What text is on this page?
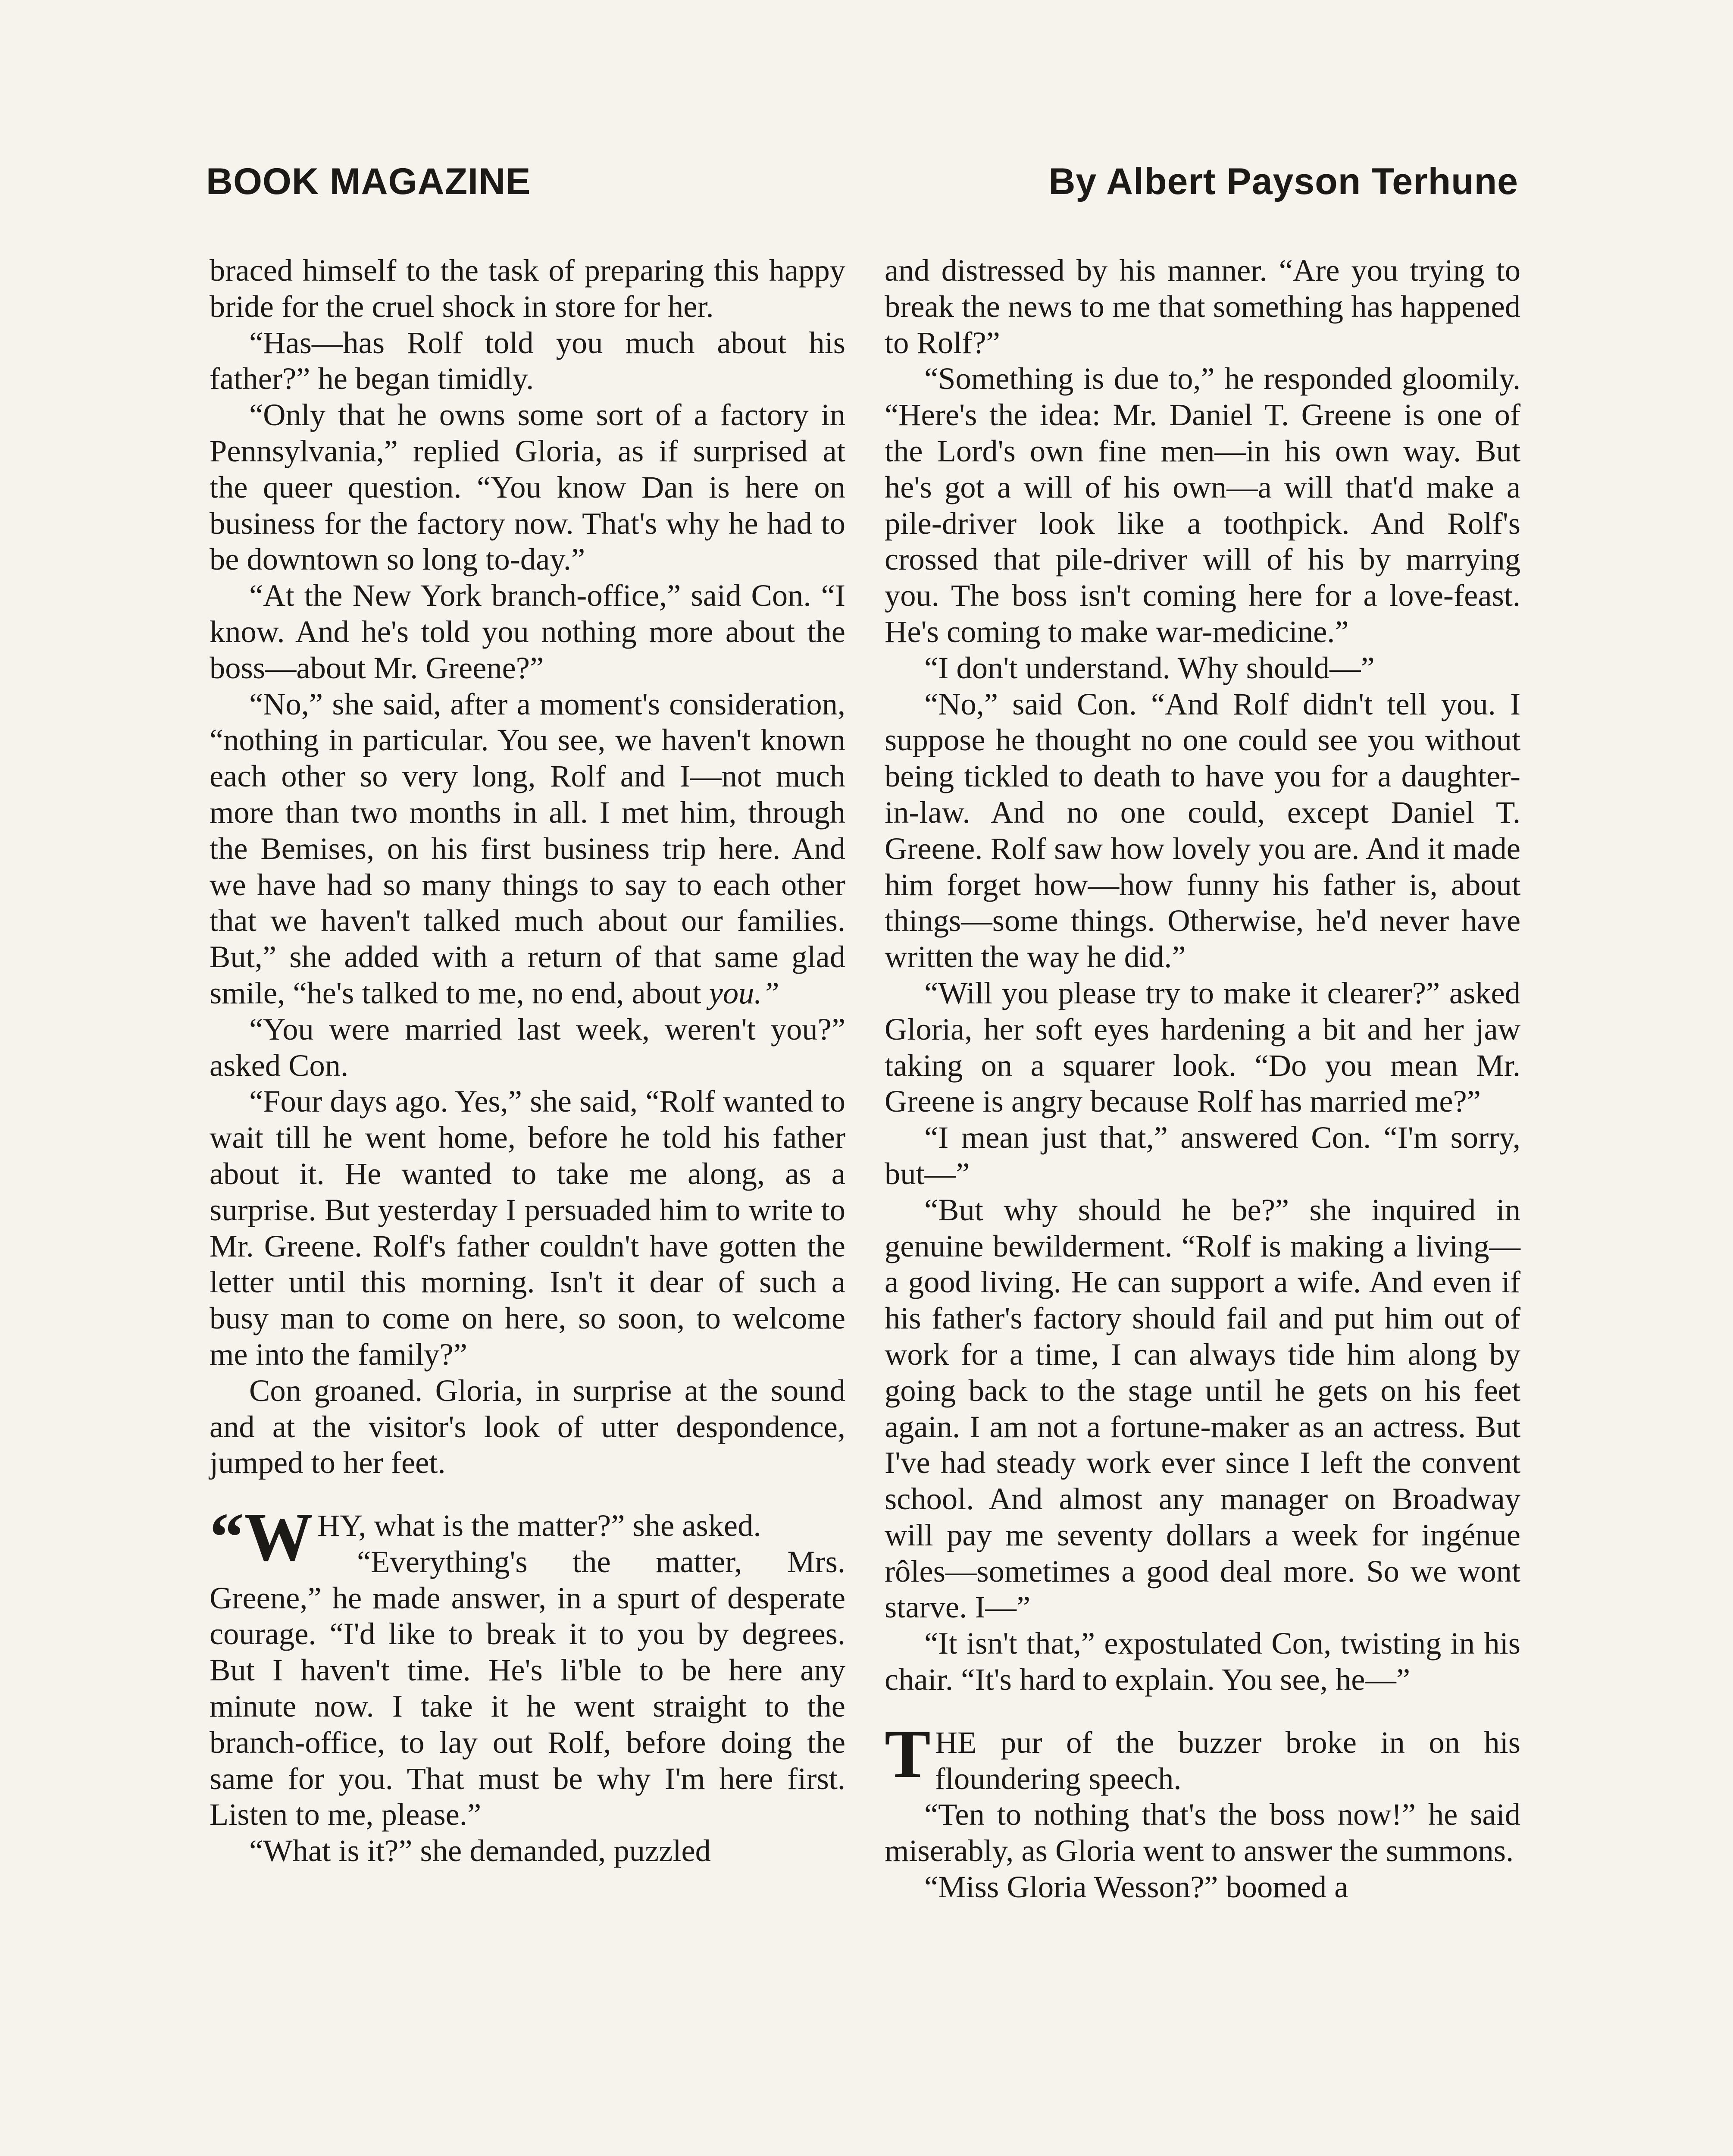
BOOK MAGAZINE	By Albert Payson Terhune

braced himself to the task of preparing this happy bride for the cruel shock in store for her.

“Has—has Rolf told you much about his father?” he began timidly.

“Only that he owns some sort of a factory in Pennsylvania,” replied Gloria, as if surprised at the queer question. “You know Dan is here on business for the factory now. That's why he had to be downtown so long to-day.”

“At the New York branch-office,” said Con. “I know. And he's told you nothing more about the boss—about Mr. Greene?”

“No,” she said, after a moment's consideration, “nothing in particular. You see, we haven't known each other so very long, Rolf and I—not much more than two months in all. I met him, through the Bemises, on his first business trip here. And we have had so many things to say to each other that we haven't talked much about our families. But,” she added with a return of that same glad smile, “he's talked to me, no end, about you.”

“You were married last week, weren't you?” asked Con.

“Four days ago. Yes,” she said, “Rolf wanted to wait till he went home, before he told his father about it. He wanted to take me along, as a surprise. But yesterday I persuaded him to write to Mr. Greene. Rolf's father couldn't have gotten the letter until this morning. Isn't it dear of such a busy man to come on here, so soon, to welcome me into the family?”

Con groaned. Gloria, in surprise at the sound and at the visitor's look of utter despondence, jumped to her feet.

“W HY, what is the matter?” she asked.

“Everything's the matter, Mrs. Greene,” he made answer, in a spurt of desperate courage. “I'd like to break it to you by degrees. But I haven't time. He's li'ble to be here any minute now. I take it he went straight to the branch-office, to lay out Rolf, before doing the same for you. That must be why I'm here first. Listen to me, please.”

“What is it?” she demanded, puzzled

and distressed by his manner. “Are you trying to break the news to me that something has happened to Rolf?”

“Something is due to,” he responded gloomily. “Here's the idea: Mr. Daniel T. Greene is one of the Lord's own fine men—in his own way. But he's got a will of his own—a will that'd make a pile-driver look like a toothpick. And Rolf's crossed that pile-driver will of his by marrying you. The boss isn't coming here for a love-feast. He's coming to make war-medicine.”

“I don't understand. Why should—”

“No,” said Con. “And Rolf didn't tell you. I suppose he thought no one could see you without being tickled to death to have you for a daughter-in-law. And no one could, except Daniel T. Greene. Rolf saw how lovely you are. And it made him forget how—how funny his father is, about things—some things. Otherwise, he'd never have written the way he did.”

“Will you please try to make it clearer?” asked Gloria, her soft eyes hardening a bit and her jaw taking on a squarer look. “Do you mean Mr. Greene is angry because Rolf has married me?”

“I mean just that,” answered Con. “I'm sorry, but—”

“But why should he be?” she inquired in genuine bewilderment. “Rolf is making a living—a good living. He can support a wife. And even if his father's factory should fail and put him out of work for a time, I can always tide him along by going back to the stage until he gets on his feet again. I am not a fortune-maker as an actress. But I've had steady work ever since I left the convent school. And almost any manager on Broadway will pay me seventy dollars a week for ingénue rôles—sometimes a good deal more. So we wont starve. I—”

“It isn't that,” expostulated Con, twisting in his chair. “It's hard to explain. You see, he—”

THE pur of the buzzer broke in on his floundering speech.

“Ten to nothing that's the boss now!” he said miserably, as Gloria went to answer the summons.

“Miss Gloria Wesson?” boomed a
